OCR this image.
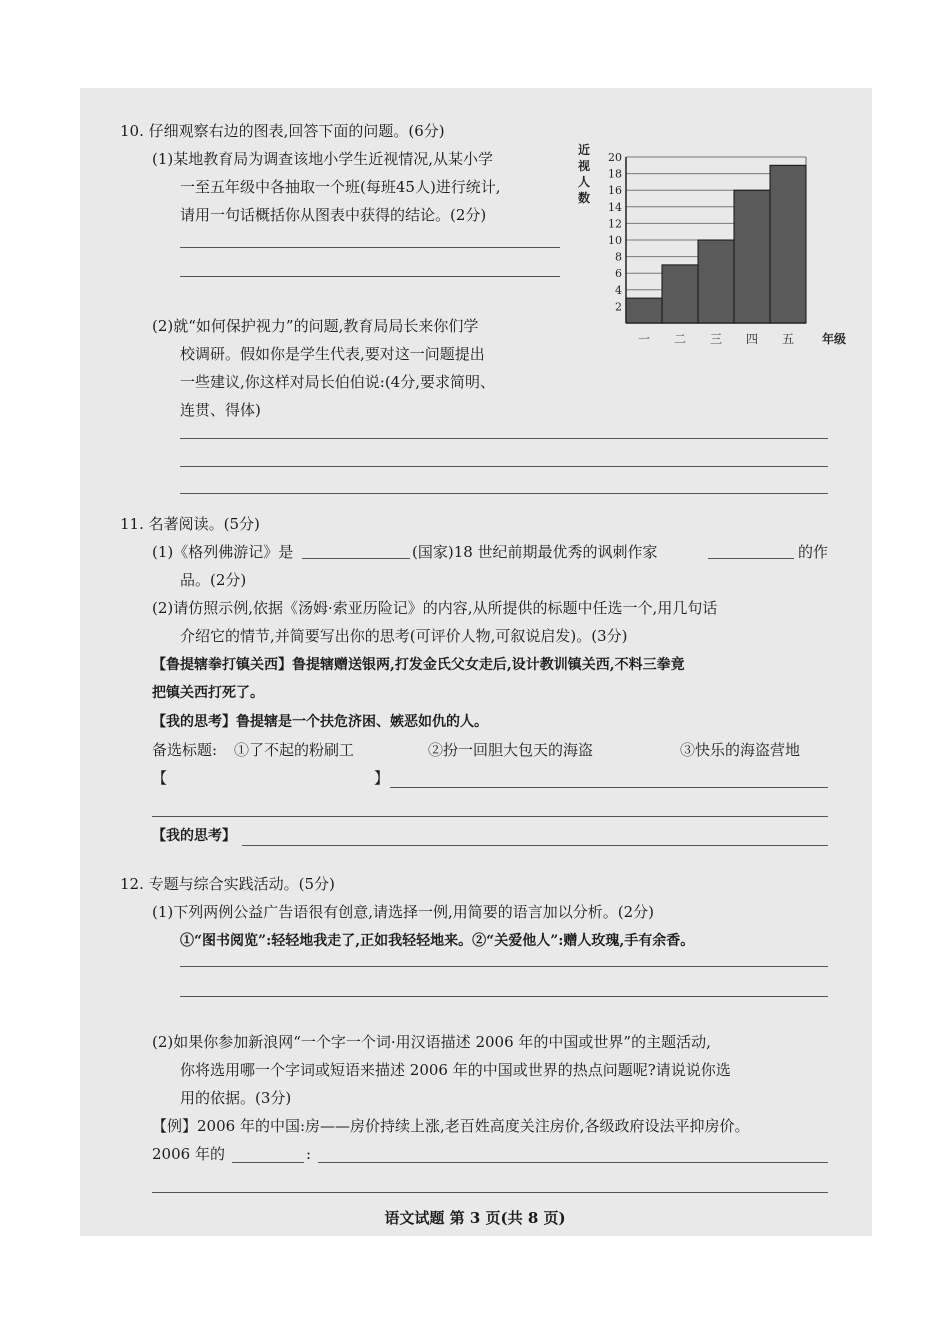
10. 仔细观察右边的图表,回答下面的问题。(6分)
(1)某地教育局为调查该地小学生近视情况,从某小学
一至五年级中各抽取一个班(每班45人)进行统计,
请用一句话概括你从图表中获得的结论。(2分)
(2)就“如何保护视力”的问题,教育局局长来你们学
校调研。假如你是学生代表,要对这一问题提出
一些建议,你这样对局长伯伯说:(4分,要求简明、
连贯、得体)
2
4
6
8
10
12
14
16
18
20
一 二 三 四 五 年级
近
视
人
数
11. 名著阅读。(5分)
(1)《格列佛游记》是	(国家)18 世纪前期最优秀的讽刺作家	的作
品。(2分)
(2)请仿照示例,依据《汤姆·索亚历险记》的内容,从所提供的标题中任选一个,用几句话
介绍它的情节,并简要写出你的思考(可评价人物,可叙说启发)。(3分)
【鲁提辖拳打镇关西】鲁提辖赠送银两,打发金氏父女走后,设计教训镇关西,不料三拳竟
把镇关西打死了。
【我的思考】鲁提辖是一个扶危济困、嫉恶如仇的人。
备选标题: ①了不起的粉刷工	②扮一回胆大包天的海盗	③快乐的海盗营地
【	】
【我的思考】
12. 专题与综合实践活动。(5分)
(1)下列两例公益广告语很有创意,请选择一例,用简要的语言加以分析。(2分)
①“图书阅览”:轻轻地我走了,正如我轻轻地来。②“关爱他人”:赠人玫瑰,手有余香。
(2)如果你参加新浪网“一个字一个词·用汉语描述 2006 年的中国或世界”的主题活动,
你将选用哪一个字词或短语来描述 2006 年的中国或世界的热点问题呢?请说说你选
用的依据。(3分)
【例】2006 年的中国:房——房价持续上涨,老百姓高度关注房价,各级政府设法平抑房价。
2006 年的	:
语文试题 第 3 页(共 8 页)
